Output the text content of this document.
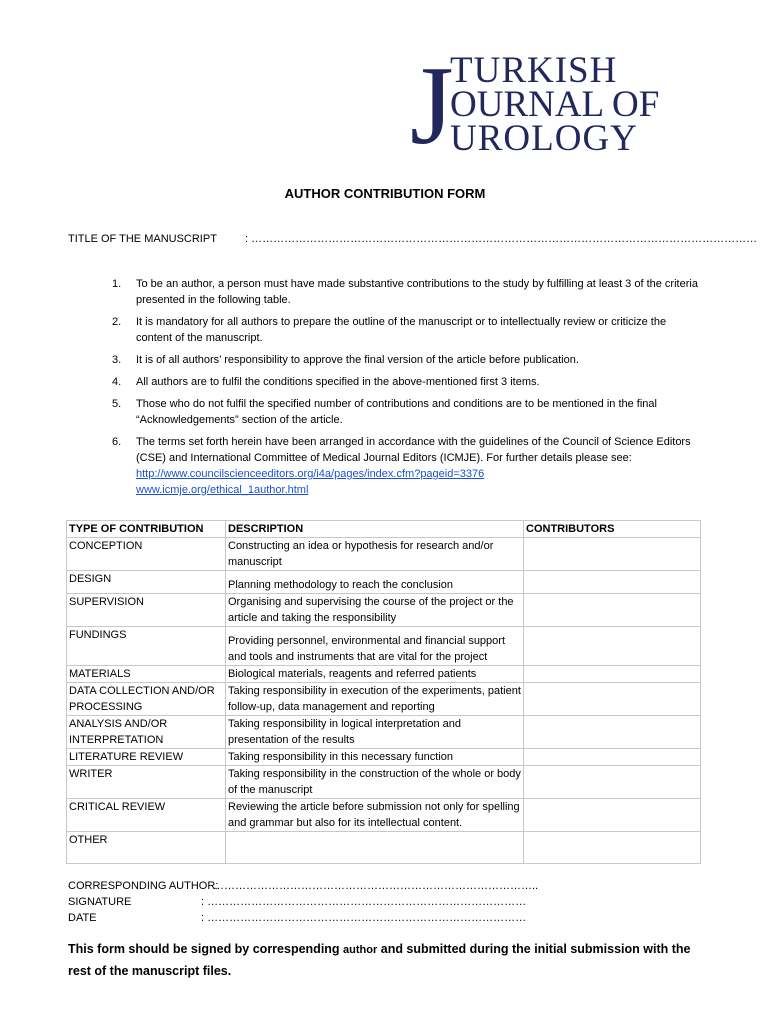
J
TURKISH
OURNAL OF
UROLOGY
AUTHOR CONTRIBUTION FORM
TITLE OF THE MANUSCRIPT	: …………………………………………………………………………………………………………………………
1. To be an author, a person must have made substantive contributions to the study by fulfilling at least 3 of the criteria presented in the following table.
2. It is mandatory for all authors to prepare the outline of the manuscript or to intellectually review or criticize the content of the manuscript.
3. It is of all authors’ responsibility to approve the final version of the article before publication.
4. All authors are to fulfil the conditions specified in the above-mentioned first 3 items.
5. Those who do not fulfil the specified number of contributions and conditions are to be mentioned in the final “Acknowledgements” section of the article.
6. The terms set forth herein have been arranged in accordance with the guidelines of the Council of Science Editors (CSE) and International Committee of Medical Journal Editors (ICMJE). For further details please see:
http://www.councilscienceeditors.org/i4a/pages/index.cfm?pageid=3376
www.icmje.org/ethical_1author.html
TYPE OF CONTRIBUTION	DESCRIPTION	CONTRIBUTORS
CONCEPTION	Constructing an idea or hypothesis for research and/or manuscript	
DESIGN	Planning methodology to reach the conclusion	
SUPERVISION	Organising and supervising the course of the project or the article and taking the responsibility	
FUNDINGS	Providing personnel, environmental and financial support and tools and instruments that are vital for the project	
MATERIALS	Biological materials, reagents and referred patients	
DATA COLLECTION AND/OR PROCESSING	Taking responsibility in execution of the experiments, patient follow-up, data management and reporting	
ANALYSIS AND/OR INTERPRETATION	Taking responsibility in logical interpretation and presentation of the results	
LITERATURE REVIEW	Taking responsibility in this necessary function	
WRITER	Taking responsibility in the construction of the whole or body of the manuscript	
CRITICAL REVIEW	Reviewing the article before submission not only for spelling and grammar but also for its intellectual content.	
OTHER		
CORRESPONDING AUTHOR:
……………………………………………………………………………..
SIGNATURE	: ……………………………………………………………………………
DATE	: ……………………………………………………………………………
This form should be signed by correspending author and submitted during the initial submission with the rest of the manuscript files.
